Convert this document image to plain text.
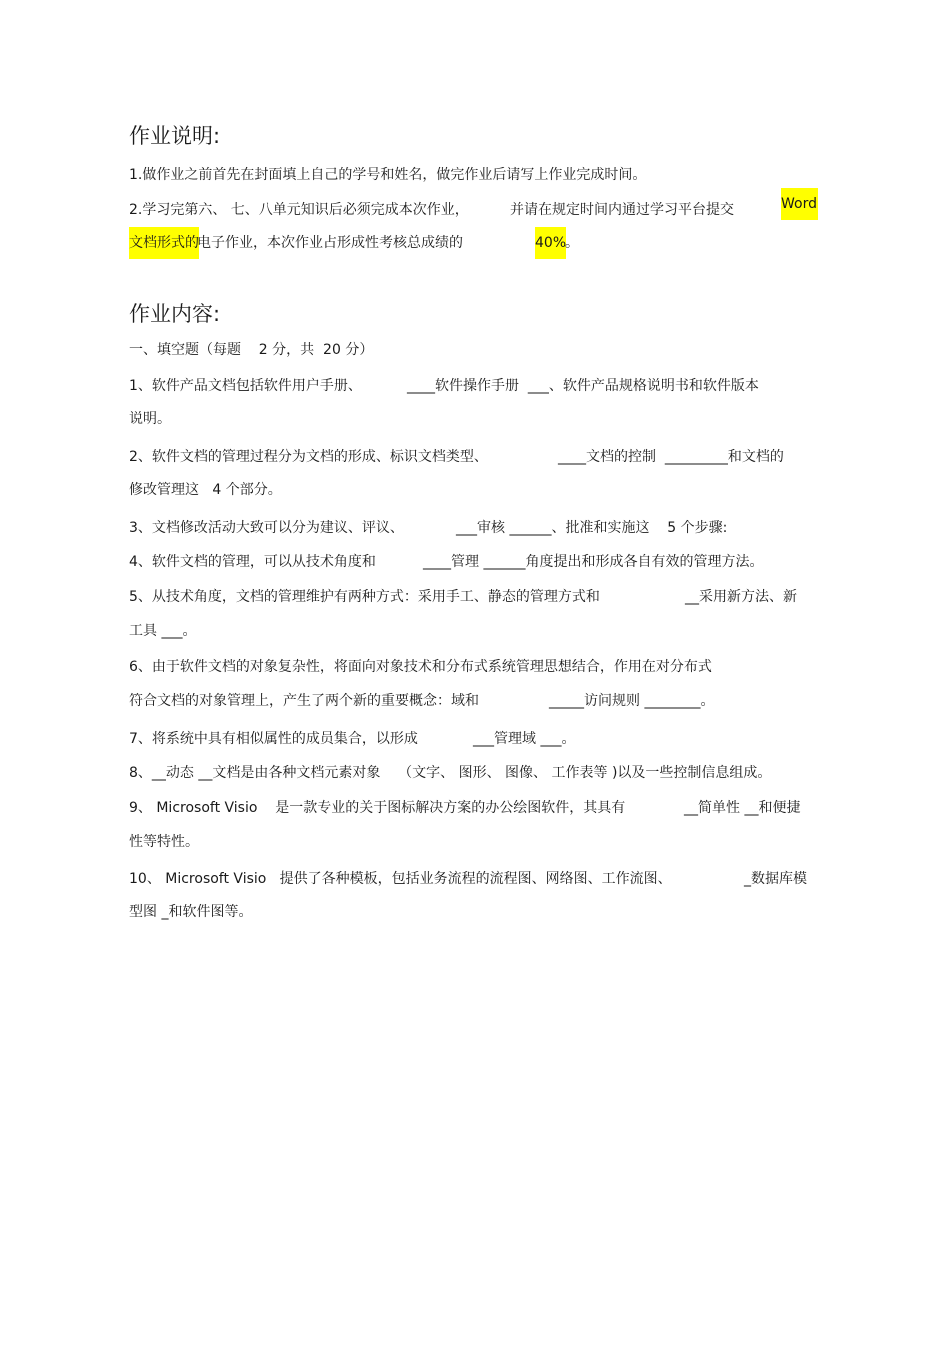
作业说明:

1.做作业之前首先在封面填上自己的学号和姓名，做完作业后请写上作业完成时间。

2.学习完第六、 七、八单元知识后必须完成本次作业，	并请在规定时间内通过学习平台提交	Word
文档形式的
电子作业，本次作业占形成性考核总成绩的	40%
。
作业内容:

一、填空题（每题    2 分，共  20 分）

1、软件产品文档包括软件用户手册、	____软件操作手册  ___、软件产品规格说明书和软件版本
说明。
2、软件文档的管理过程分为文档的形成、标识文档类型、	____文档的控制  _________和文档的
修改管理这   4 个部分。
3、文档修改活动大致可以分为建议、评议、	___审核 ______、批准和实施这    5 个步骤:
4、软件文档的管理，可以从技术角度和	____管理 ______角度提出和形成各自有效的管理方法。
5、从技术角度，文档的管理维护有两种方式：采用手工、静态的管理方式和	__采用新方法、新
工具 ___。
6、由于软件文档的对象复杂性，将面向对象技术和分布式系统管理思想结合，作用在对分布式
符合文档的对象管理上，产生了两个新的重要概念：域和	_____访问规则 ________。
7、将系统中具有相似属性的成员集合，以形成	___管理域 ___。

8、__动态 __文档是由各种文档元素对象    （文字、 图形、 图像、 工作表等 )以及一些控制信息组成。

9、 Microsoft Visio    是一款专业的关于图标解决方案的办公绘图软件，其具有	__简单性 __和便捷
性等特性。
10、 Microsoft Visio   提供了各种模板，包括业务流程的流程图、网络图、工作流图、	_数据库模
型图 _和软件图等。
